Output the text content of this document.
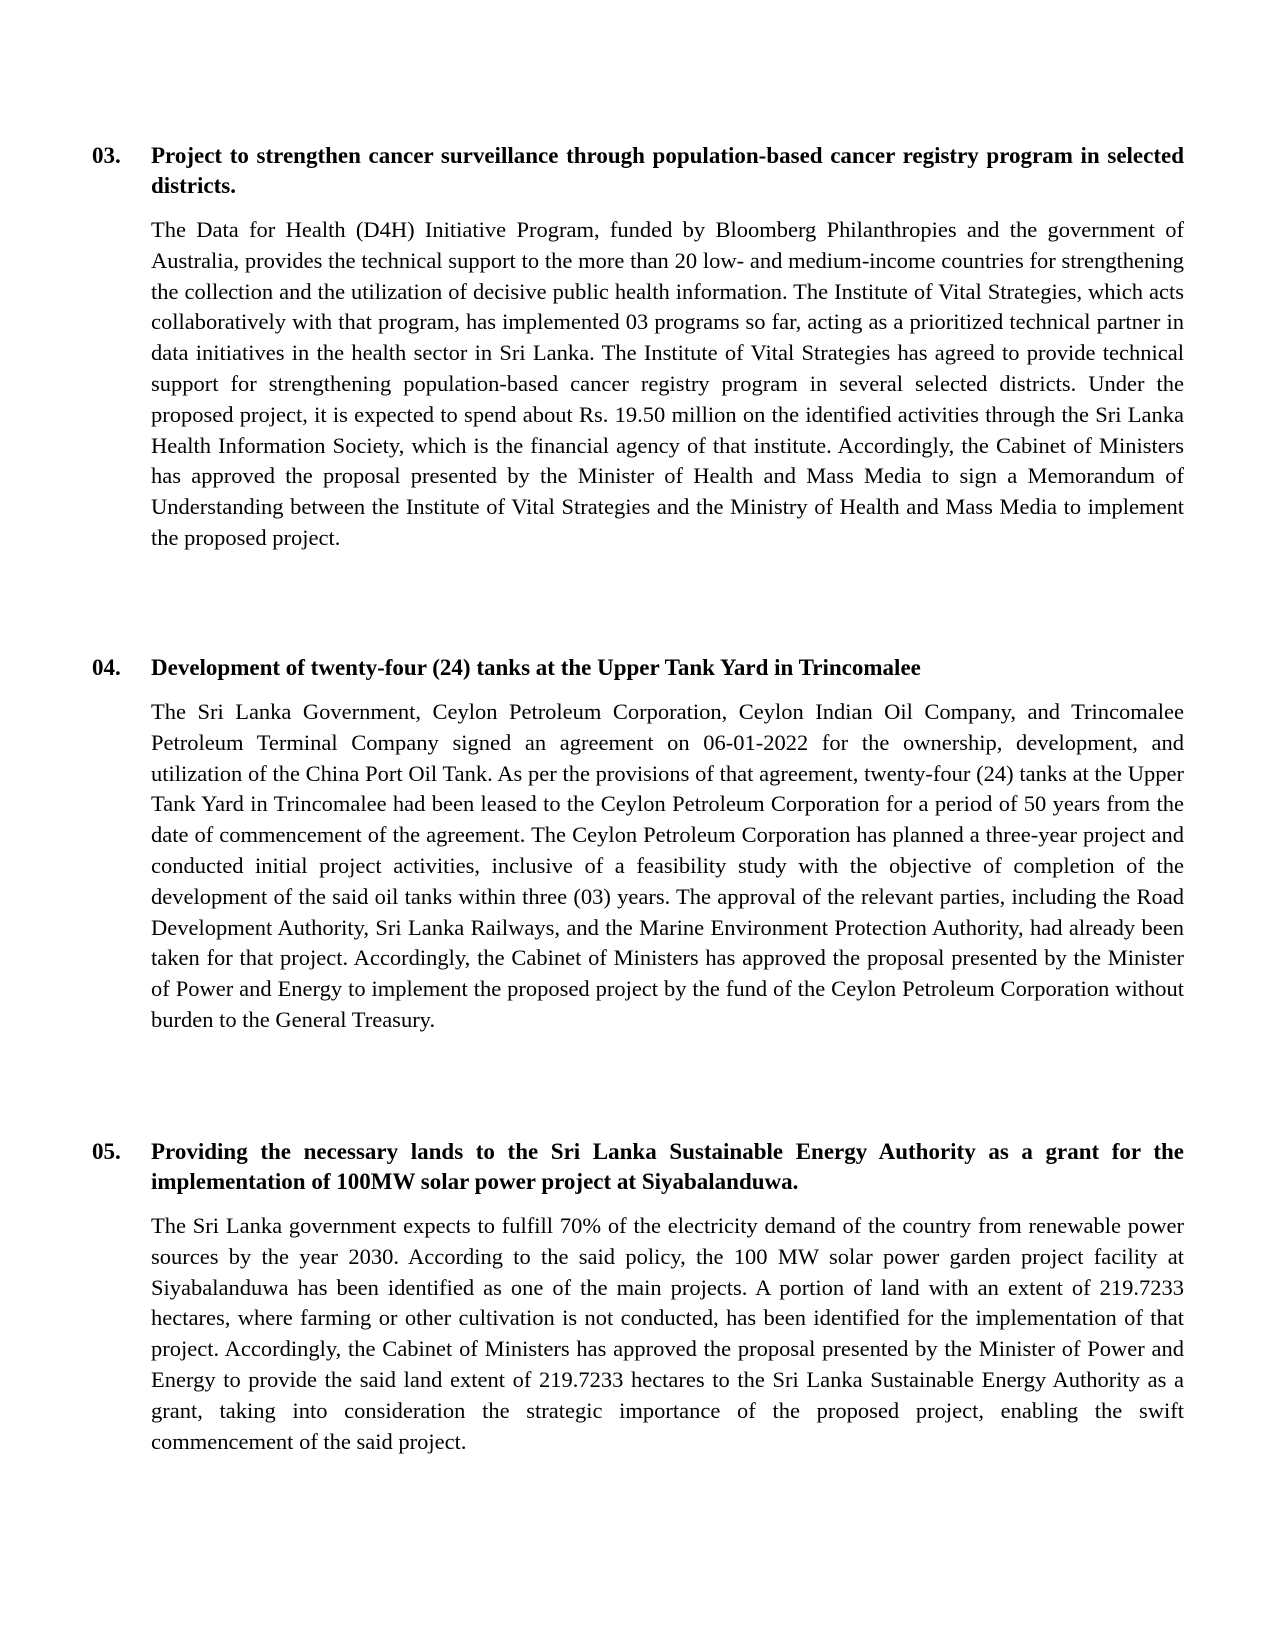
03.	Project to strengthen cancer surveillance through population-based cancer registry program in selected districts.
The Data for Health (D4H) Initiative Program, funded by Bloomberg Philanthropies and the government of Australia, provides the technical support to the more than 20 low- and medium-income countries for strengthening the collection and the utilization of decisive public health information. The Institute of Vital Strategies, which acts collaboratively with that program, has implemented 03 programs so far, acting as a prioritized technical partner in data initiatives in the health sector in Sri Lanka. The Institute of Vital Strategies has agreed to provide technical support for strengthening population-based cancer registry program in several selected districts. Under the proposed project, it is expected to spend about Rs. 19.50 million on the identified activities through the Sri Lanka Health Information Society, which is the financial agency of that institute. Accordingly, the Cabinet of Ministers has approved the proposal presented by the Minister of Health and Mass Media to sign a Memorandum of Understanding between the Institute of Vital Strategies and the Ministry of Health and Mass Media to implement the proposed project.
04.	Development of twenty-four (24) tanks at the Upper Tank Yard in Trincomalee
The Sri Lanka Government, Ceylon Petroleum Corporation, Ceylon Indian Oil Company, and Trincomalee Petroleum Terminal Company signed an agreement on 06-01-2022 for the ownership, development, and utilization of the China Port Oil Tank. As per the provisions of that agreement, twenty-four (24) tanks at the Upper Tank Yard in Trincomalee had been leased to the Ceylon Petroleum Corporation for a period of 50 years from the date of commencement of the agreement. The Ceylon Petroleum Corporation has planned a three-year project and conducted initial project activities, inclusive of a feasibility study with the objective of completion of the development of the said oil tanks within three (03) years. The approval of the relevant parties, including the Road Development Authority, Sri Lanka Railways, and the Marine Environment Protection Authority, had already been taken for that project. Accordingly, the Cabinet of Ministers has approved the proposal presented by the Minister of Power and Energy to implement the proposed project by the fund of the Ceylon Petroleum Corporation without burden to the General Treasury.
05.	Providing the necessary lands to the Sri Lanka Sustainable Energy Authority as a grant for the implementation of 100MW solar power project at Siyabalanduwa.
The Sri Lanka government expects to fulfill 70% of the electricity demand of the country from renewable power sources by the year 2030. According to the said policy, the 100 MW solar power garden project facility at Siyabalanduwa has been identified as one of the main projects. A portion of land with an extent of 219.7233 hectares, where farming or other cultivation is not conducted, has been identified for the implementation of that project. Accordingly, the Cabinet of Ministers has approved the proposal presented by the Minister of Power and Energy to provide the said land extent of 219.7233 hectares to the Sri Lanka Sustainable Energy Authority as a grant, taking into consideration the strategic importance of the proposed project, enabling the swift commencement of the said project.
